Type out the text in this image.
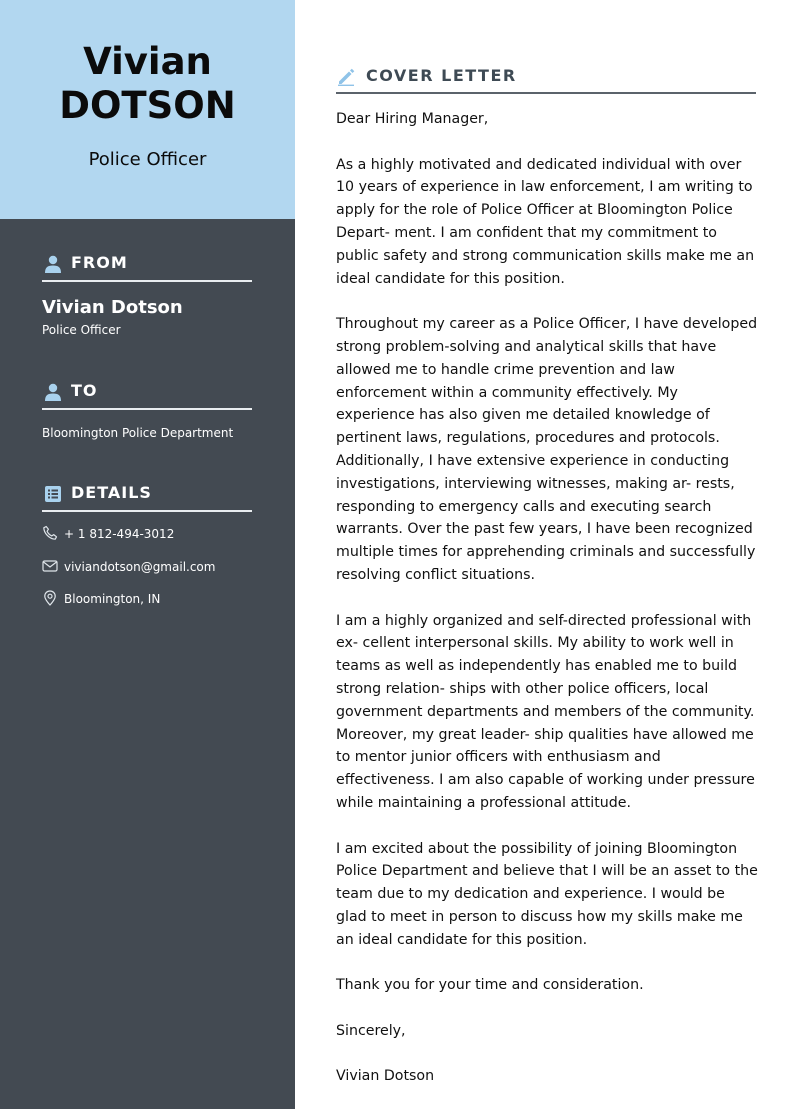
Vivian
DOTSON
Police Officer
FROM
Vivian Dotson
Police Officer
TO
Bloomington Police Department
DETAILS
+ 1 812-494-3012
viviandotson@gmail.com
Bloomington, IN
COVER LETTER

Dear Hiring Manager,

As a highly motivated and dedicated individual with over 10 years of experience in law enforcement, I am writing to apply for the role of Police Officer at Bloomington Police Depart- ment. I am confident that my commitment to public safety and strong communication skills make me an ideal candidate for this position.

Throughout my career as a Police Officer, I have developed strong problem-solving and analytical skills that have allowed me to handle crime prevention and law enforcement within a community effectively. My experience has also given me detailed knowledge of pertinent laws, regulations, procedures and protocols. Additionally, I have extensive experience in conducting investigations, interviewing witnesses, making ar- rests, responding to emergency calls and executing search warrants. Over the past few years, I have been recognized multiple times for apprehending criminals and successfully resolving conflict situations.

I am a highly organized and self-directed professional with ex- cellent interpersonal skills. My ability to work well in teams as well as independently has enabled me to build strong relation- ships with other police officers, local government departments and members of the community. Moreover, my great leader- ship qualities have allowed me to mentor junior officers with enthusiasm and effectiveness. I am also capable of working under pressure while maintaining a professional attitude.

I am excited about the possibility of joining Bloomington Police Department and believe that I will be an asset to the team due to my dedication and experience. I would be glad to meet in person to discuss how my skills make me an ideal candidate for this position.

Thank you for your time and consideration.

Sincerely,

Vivian Dotson
